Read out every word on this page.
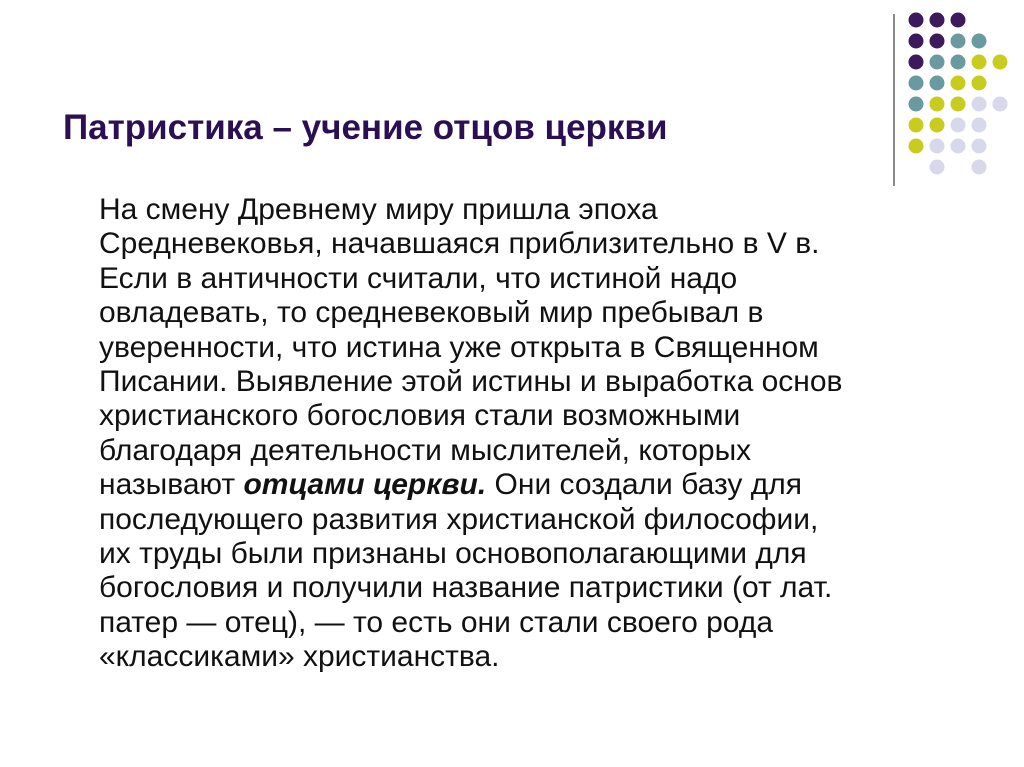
Патристика – учение отцов церкви
На смену Древнему миру пришла эпоха
Средневековья, начавшаяся приблизительно в V в.
Если в античности считали, что истиной надо
овладевать, то средневековый мир пребывал в
уверенности, что истина уже открыта в Священном
Писании. Выявление этой истины и выработка основ
христианского богословия стали возможными
благодаря деятельности мыслителей, которых
называют отцами церкви. Они создали базу для
последующего развития христианской философии,
их труды были признаны основополагающими для
богословия и получили название патристики (от лат.
патер — отец), — то есть они стали своего рода
«классиками» христианства.
